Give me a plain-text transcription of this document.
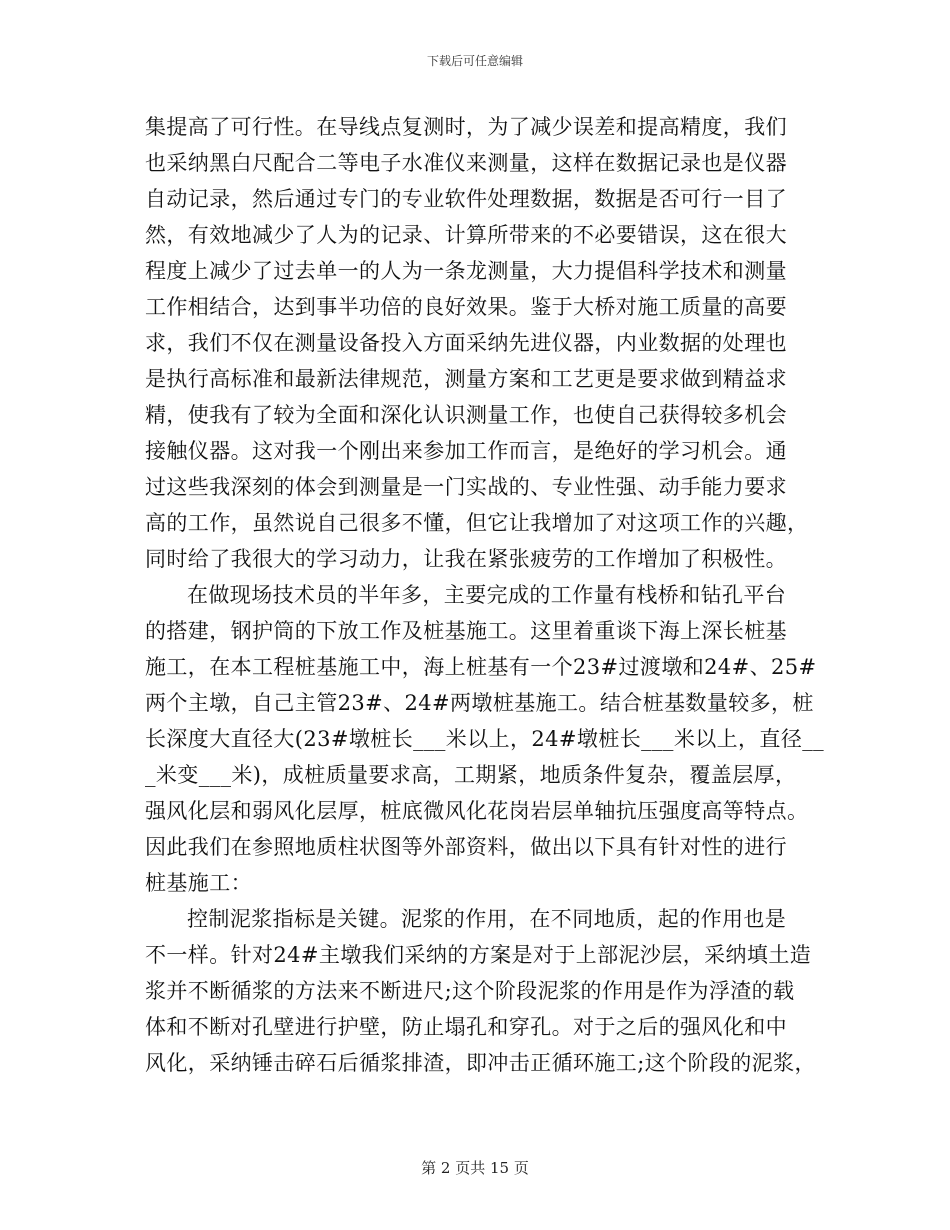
下载后可任意编辑
集提高了可行性。在导线点复测时，为了减少误差和提高精度，我们
也采纳黑白尺配合二等电子水准仪来测量，这样在数据记录也是仪器
自动记录，然后通过专门的专业软件处理数据，数据是否可行一目了
然，有效地减少了人为的记录、计算所带来的不必要错误，这在很大
程度上减少了过去单一的人为一条龙测量，大力提倡科学技术和测量
工作相结合，达到事半功倍的良好效果。鉴于大桥对施工质量的高要
求，我们不仅在测量设备投入方面采纳先进仪器，内业数据的处理也
是执行高标准和最新法律规范，测量方案和工艺更是要求做到精益求
精，使我有了较为全面和深化认识测量工作，也使自己获得较多机会
接触仪器。这对我一个刚出来参加工作而言，是绝好的学习机会。通
过这些我深刻的体会到测量是一门实战的、专业性强、动手能力要求
高的工作，虽然说自己很多不懂，但它让我增加了对这项工作的兴趣，
同时给了我很大的学习动力，让我在紧张疲劳的工作增加了积极性。
在做现场技术员的半年多，主要完成的工作量有栈桥和钻孔平台
的搭建，钢护筒的下放工作及桩基施工。这里着重谈下海上深长桩基
施工，在本工程桩基施工中，海上桩基有一个23#过渡墩和24#、25#
两个主墩，自己主管23#、24#两墩桩基施工。结合桩基数量较多，桩
长深度大直径大(23#墩桩长___米以上，24#墩桩长___米以上，直径__
_米变___米)，成桩质量要求高，工期紧，地质条件复杂，覆盖层厚，
强风化层和弱风化层厚，桩底微风化花岗岩层单轴抗压强度高等特点。
因此我们在参照地质柱状图等外部资料，做出以下具有针对性的进行
桩基施工：
控制泥浆指标是关键。泥浆的作用，在不同地质，起的作用也是
不一样。针对24#主墩我们采纳的方案是对于上部泥沙层，采纳填土造
浆并不断循浆的方法来不断进尺;这个阶段泥浆的作用是作为浮渣的载
体和不断对孔壁进行护壁，防止塌孔和穿孔。对于之后的强风化和中
风化，采纳锤击碎石后循浆排渣，即冲击正循环施工;这个阶段的泥浆，
第 2 页共 15 页
